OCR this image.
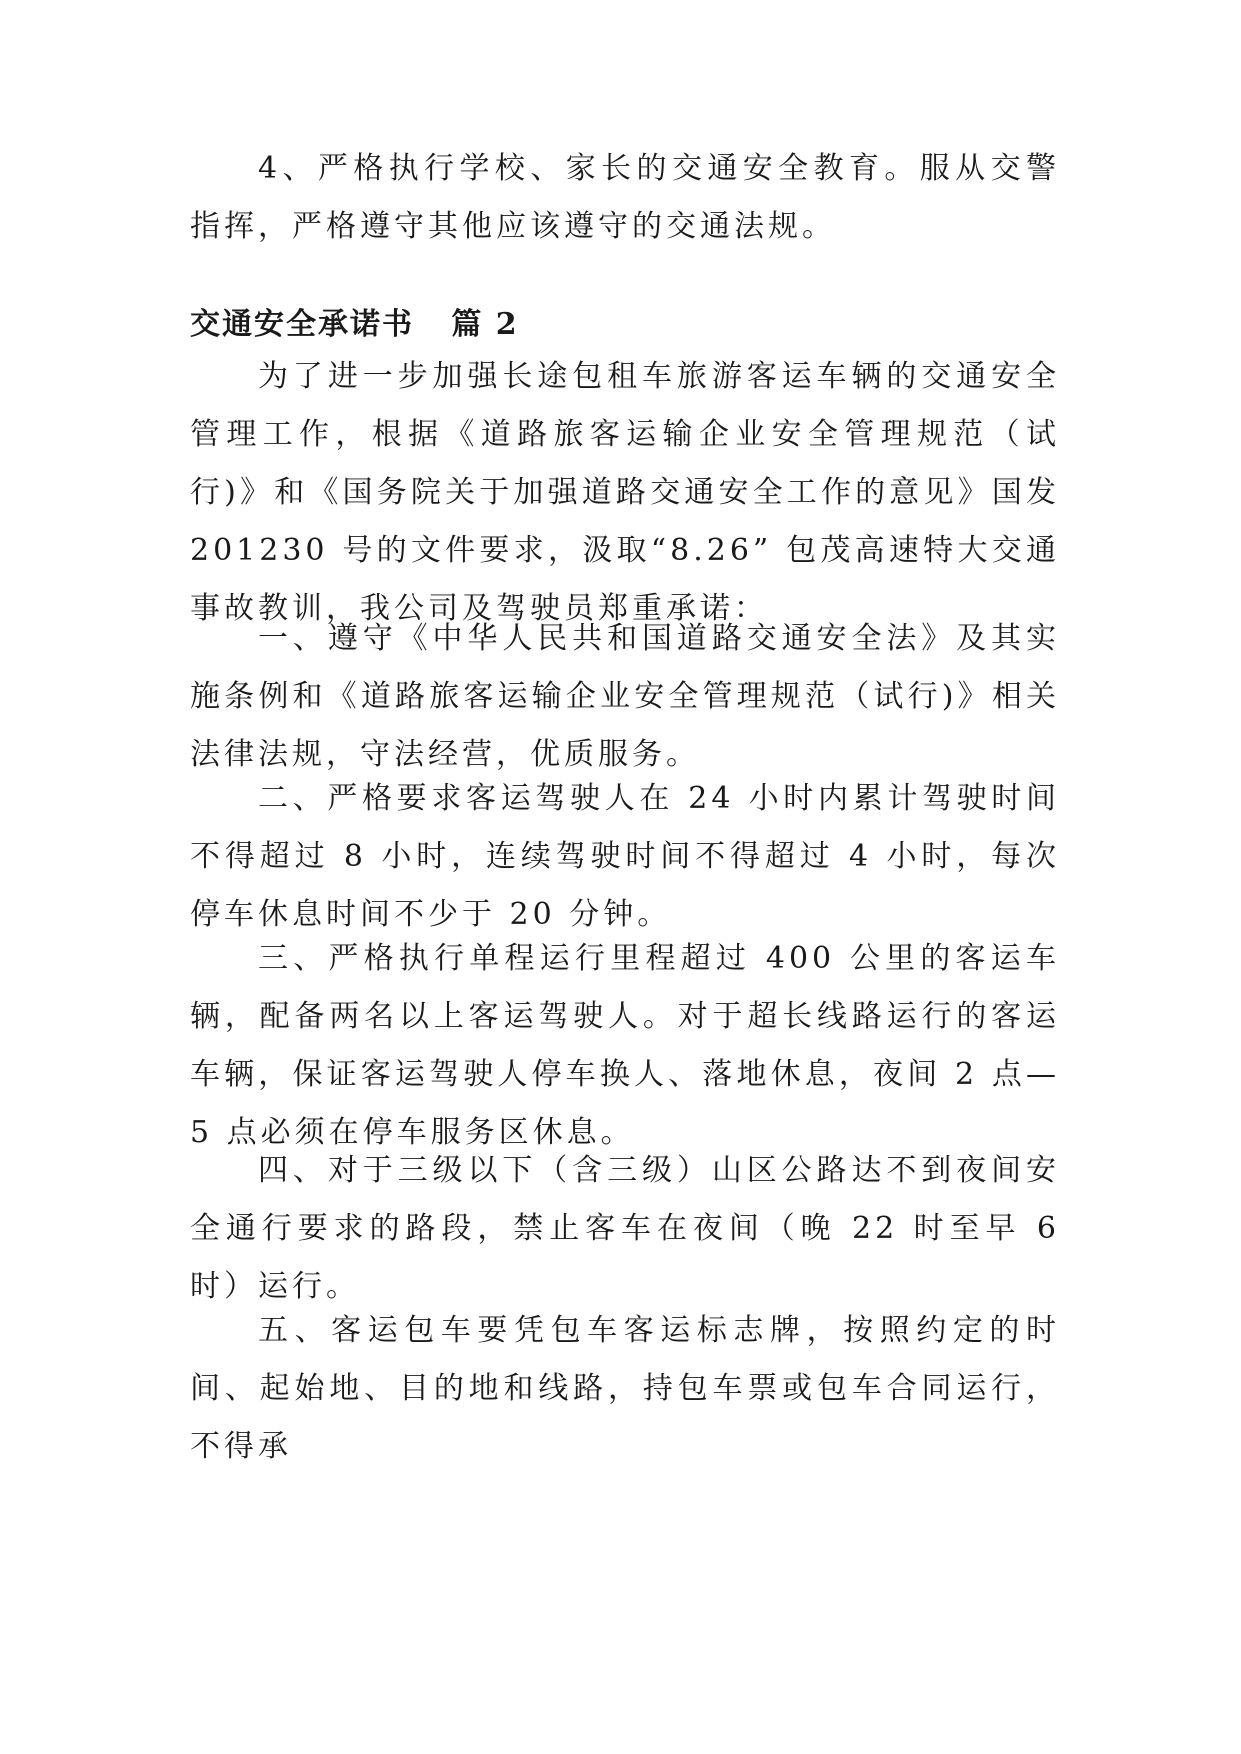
4、严格执行学校、家长的交通安全教育。服从交警指挥，严格遵守其他应该遵守的交通法规。

交通安全承诺书 篇 2

为了进一步加强长途包租车旅游客运车辆的交通安全管理工作，根据《道路旅客运输企业安全管理规范（试行)》和《国务院关于加强道路交通安全工作的意见》国发 201230 号的文件要求，汲取“8.26” 包茂高速特大交通事故教训，我公司及驾驶员郑重承诺：

一、遵守《中华人民共和国道路交通安全法》及其实施条例和《道路旅客运输企业安全管理规范（试行)》相关法律法规，守法经营，优质服务。

二、严格要求客运驾驶人在 24 小时内累计驾驶时间不得超过 8 小时，连续驾驶时间不得超过 4 小时，每次停车休息时间不少于 20 分钟。

三、严格执行单程运行里程超过 400 公里的客运车辆，配备两名以上客运驾驶人。对于超长线路运行的客运车辆，保证客运驾驶人停车换人、落地休息，夜间 2 点—5 点必须在停车服务区休息。

四、对于三级以下（含三级）山区公路达不到夜间安全通行要求的路段，禁止客车在夜间（晚 22 时至早 6 时）运行。

五、客运包车要凭包车客运标志牌，按照约定的时间、起始地、目的地和线路，持包车票或包车合同运行，不得承
